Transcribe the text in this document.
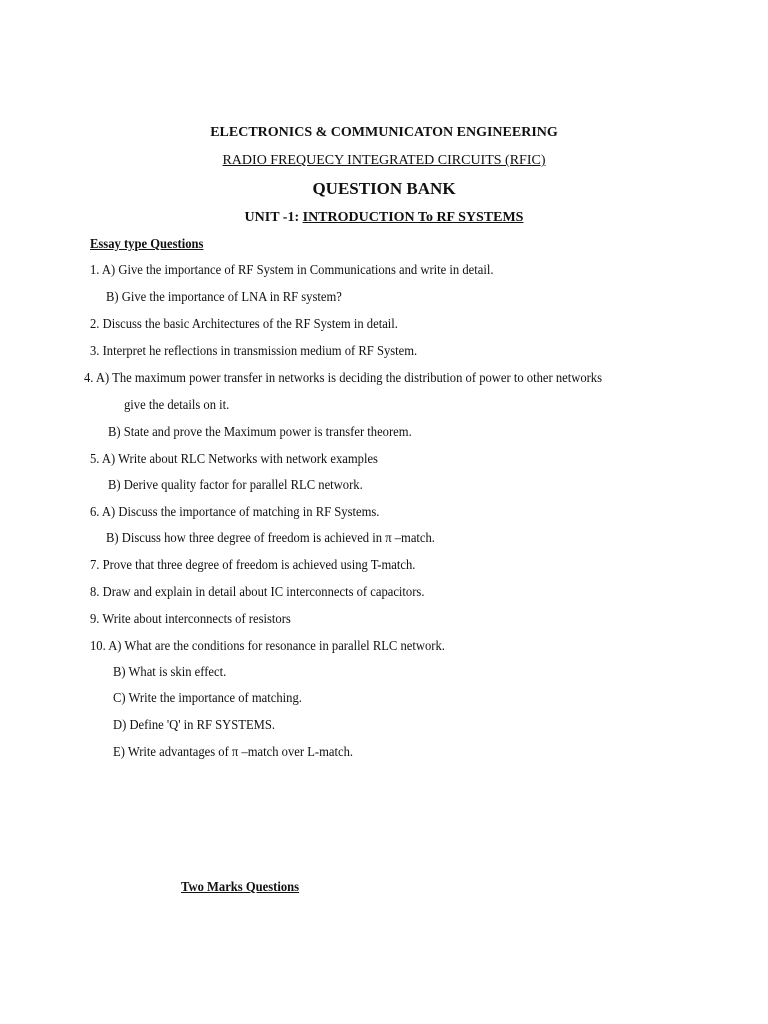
ELECTRONICS & COMMUNICATON ENGINEERING
RADIO FREQUECY INTEGRATED CIRCUITS (RFIC)
QUESTION BANK
UNIT -1: INTRODUCTION To RF SYSTEMS
Essay type Questions
1. A) Give the importance of RF System in Communications and write in detail.
B) Give the importance of LNA in RF system?
2. Discuss the basic Architectures of the RF System in detail.
3. Interpret he reflections in transmission medium of RF System.
4. A) The maximum power transfer in networks is deciding the distribution of power to other networks
give the details on it.
B) State and prove the Maximum power is transfer theorem.
5. A) Write about RLC Networks with network examples
B) Derive quality factor for parallel RLC network.
6. A) Discuss the importance of matching in RF Systems.
B) Discuss how three degree of freedom is achieved in π –match.
7. Prove that three degree of freedom is achieved using T-match.
8. Draw and explain in detail about IC interconnects of capacitors.
9. Write about interconnects of resistors
10. A) What are the conditions for resonance in parallel RLC network.
B) What is skin effect.
C) Write the importance of matching.
D) Define 'Q' in RF SYSTEMS.
E) Write advantages of π –match over L-match.
Two Marks Questions
